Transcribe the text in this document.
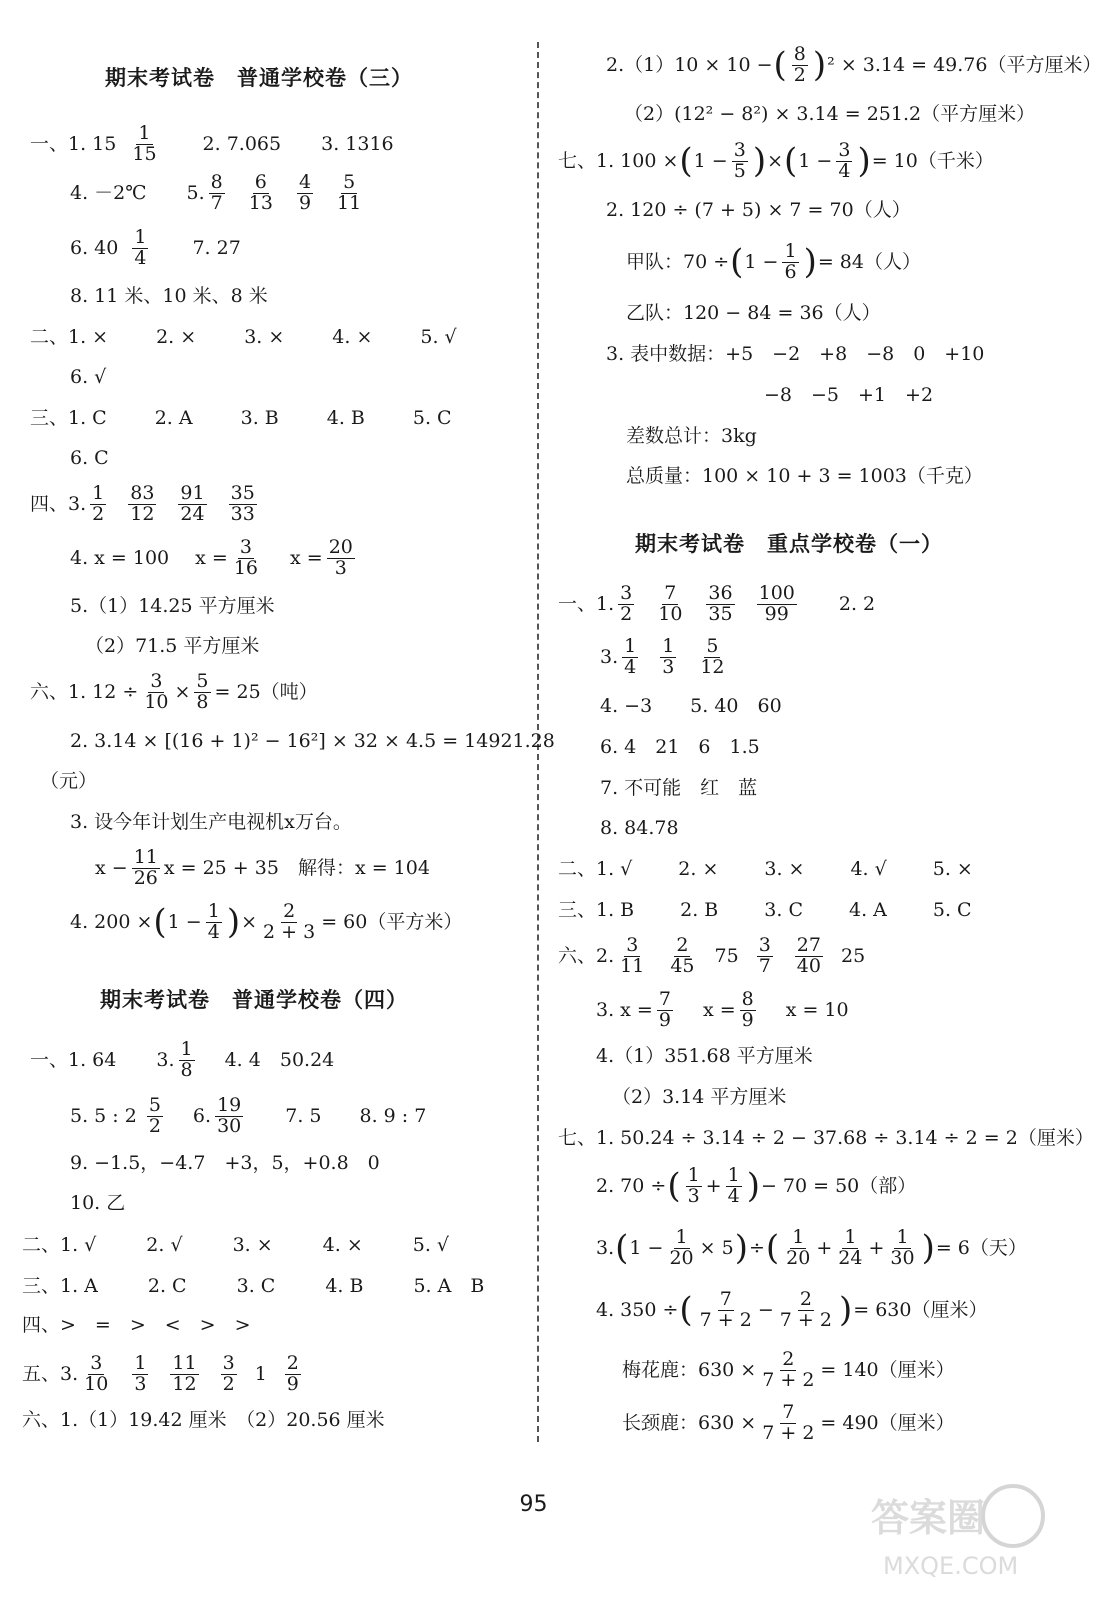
期末考试卷　普通学校卷（三）
一、1. $15 \frac{1}{15} 2$. 7.065 3. 1316
4. －2℃ 5. $\frac{8}{7} \frac{6}{13} \frac{4}{9} \frac{5}{11}$
6. $40 \frac{1}{4} 7$. 27
8. 11 米、10 米、8 米
二、1. ×	2. ×	3. ×	4. ×	5. √
6. √
三、1. C	2. A	3. B	4. B	5. C
6. C
四、3. $\frac{1}{2} \frac{83}{12} \frac{91}{24} \frac{35}{33}$
4. x = 100 $x = \frac{3}{16}$ $x = \frac{20}{3}$
5.（1）14.25 平方厘米
（2）71.5 平方厘米
六、1. $12 \div \frac{3}{10} \times \frac{5}{8} = 25$（吨）
2. 3.14 × [(16 + 1)² − 16²] × 32 × 4.5 = 14921.28
（元）
3. 设今年计划生产电视机x万台。
$x - \frac{11}{26}$ x = 25 + 35　解得：x = 104
4. 200 × ( $1 - \frac{1}{4}$ ) × $\frac{2}{2 + 3} = 60$（平方米）
期末考试卷　普通学校卷（四）
一、1. 64 3. $\frac{1}{8} 4$. 4　50.24
5. 5 : $2 \frac{5}{2} 6$. $\frac{19}{30} 7$. 5 8. 9 : 7
9. −1.5，−4.7　+3，5，+0.8　0
10. 乙
二、1. √	2. √	3. ×	4. ×	5. √
三、1. A	2. C	3. C	4. B	5. A　B
四、>　=　>　<　>　>
五、3. $\frac{3}{10} \frac{1}{3} \frac{11}{12} \frac{3}{2} 1 \frac{2}{9}$
六、1.（1）19.42 厘米　（2）20.56 厘米
2.（1）10 × 10 − ( $\frac{8}{2}$ ) ² × 3.14 = 49.76（平方厘米）
（2）(12² − 8²) × 3.14 = 251.2（平方厘米）
七、1. 100 × ( $1 - \frac{3}{5}$ ) × ( $1 - \frac{3}{4}$ ) = 10（千米）
2. 120 ÷ (7 + 5) × 7 = 70（人）
甲队：70 ÷ ( $1 - \frac{1}{6}$ ) = 84（人）
乙队：120 − 84 = 36（人）
3. 表中数据：+5　−2　+8　−8　0　+10
−8　−5　+1　+2
差数总计：3kg
总质量：100 × 10 + 3 = 1003（千克）
期末考试卷　重点学校卷（一）
一、1. $\frac{3}{2} \frac{7}{10} \frac{36}{35} \frac{100}{99} 2$. 2
3. $\frac{1}{4} \frac{1}{3} \frac{5}{12}$
4. −3　　5. 40　60
6. 4　21　6　1.5
7. 不可能　红　蓝
8. 84.78
二、1. √ 2. × 3. × 4. √ 5. ×
三、1. B 2. B 3. C 4. A 5. C
六、2. $\frac{3}{11} \frac{2}{45} 75 \frac{3}{7} \frac{27}{40} 25$
3. $x = \frac{7}{9}$ $x = \frac{8}{9}$ x = 10
4.（1）351.68 平方厘米
（2）3.14 平方厘米
七、1. 50.24 ÷ 3.14 ÷ 2 − 37.68 ÷ 3.14 ÷ 2 = 2（厘米）
2. 70 ÷ ( $\frac{1}{3} + \frac{1}{4}$ ) − 70 = 50（部）
3. ( $1 - \frac{1}{20} \times 5$ ) ÷ ( $\frac{1}{20} + \frac{1}{24} + \frac{1}{30}$ ) = 6（天）
4. 350 ÷ ( $\frac{7}{7 + 2} - \frac{2}{7 + 2}$ ) = 630（厘米）
梅花鹿：$630 \times \frac{2}{7 + 2} = 140$（厘米）
长颈鹿：$630 \times \frac{7}{7 + 2} = 490$（厘米）
95	答案圈
MXQE.COM
